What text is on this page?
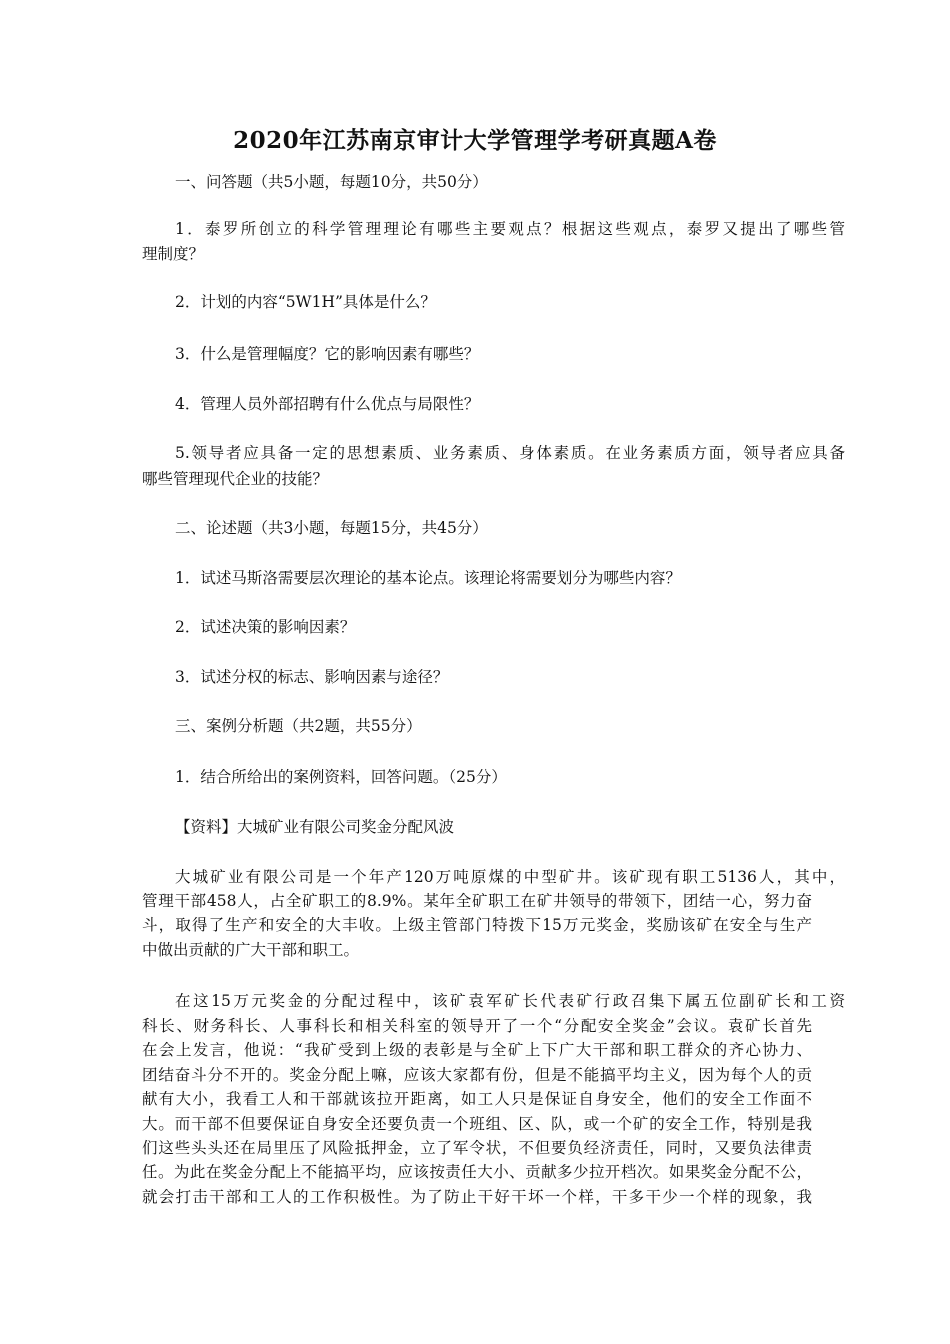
2020年江苏南京审计大学管理学考研真题A卷
一、问答题（共5小题，每题10分，共50分）
1．泰罗所创立的科学管理理论有哪些主要观点？根据这些观点，泰罗又提出了哪些管
理制度？
2．计划的内容“5W1H”具体是什么？
3．什么是管理幅度？它的影响因素有哪些？
4．管理人员外部招聘有什么优点与局限性？
5.领导者应具备一定的思想素质、业务素质、身体素质。在业务素质方面，领导者应具备
哪些管理现代企业的技能？
二、论述题（共3小题，每题15分，共45分）
1．试述马斯洛需要层次理论的基本论点。该理论将需要划分为哪些内容？
2．试述决策的影响因素？
3．试述分权的标志、影响因素与途径？
三、案例分析题（共2题，共55分）
1．结合所给出的案例资料，回答问题。（25分）
【资料】大城矿业有限公司奖金分配风波
大城矿业有限公司是一个年产120万吨原煤的中型矿井。该矿现有职工5136人，其中，
管理干部458人，占全矿职工的8.9%。某年全矿职工在矿井领导的带领下，团结一心，努力奋
斗，取得了生产和安全的大丰收。上级主管部门特拨下15万元奖金，奖励该矿在安全与生产
中做出贡献的广大干部和职工。
在这15万元奖金的分配过程中，该矿袁军矿长代表矿行政召集下属五位副矿长和工资
科长、财务科长、人事科长和相关科室的领导开了一个“分配安全奖金”会议。袁矿长首先
在会上发言，他说：“我矿受到上级的表彰是与全矿上下广大干部和职工群众的齐心协力、
团结奋斗分不开的。奖金分配上嘛，应该大家都有份，但是不能搞平均主义，因为每个人的贡
献有大小，我看工人和干部就该拉开距离，如工人只是保证自身安全，他们的安全工作面不
大。而干部不但要保证自身安全还要负责一个班组、区、队，或一个矿的安全工作，特别是我
们这些头头还在局里压了风险抵押金，立了军令状，不但要负经济责任，同时，又要负法律责
任。为此在奖金分配上不能搞平均，应该按责任大小、贡献多少拉开档次。如果奖金分配不公，
就会打击干部和工人的工作积极性。为了防止干好干坏一个样，干多干少一个样的现象，我
